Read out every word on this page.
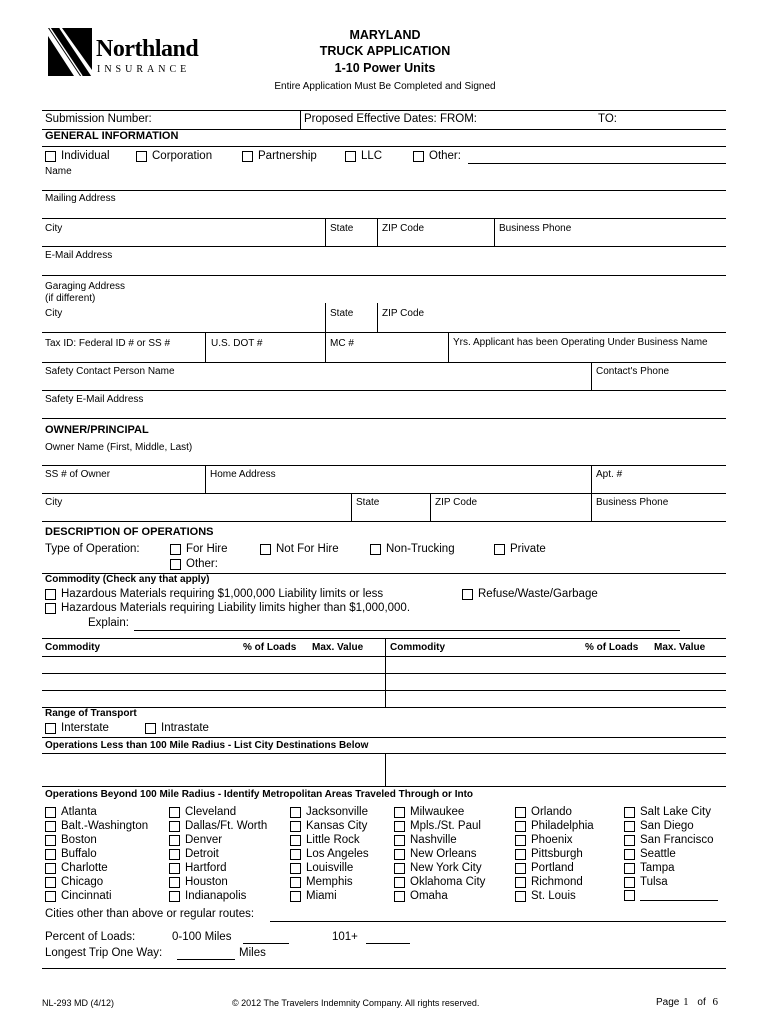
Northland
INSURANCE
MARYLAND
TRUCK APPLICATION
1-10 Power Units
Entire Application Must Be Completed and Signed
Submission Number:	Proposed Effective Dates: FROM:	TO:
GENERAL INFORMATION
Individual	Corporation	Partnership	LLC	Other:
Name
Mailing Address
City	State	ZIP Code	Business Phone
E-Mail Address
Garaging Address
(if different)
City	State	ZIP Code
Tax ID: Federal ID # or SS #	U.S. DOT #	MC #	Yrs. Applicant has been Operating Under Business Name
Safety Contact Person Name	Contact's Phone
Safety E-Mail Address
OWNER/PRINCIPAL
Owner Name (First, Middle, Last)
SS # of Owner	Home Address	Apt. #
City	State	ZIP Code	Business Phone
DESCRIPTION OF OPERATIONS
Type of Operation:	For Hire	Not For Hire	Non-Trucking	Private
Other:
Commodity (Check any that apply)
Hazardous Materials requiring $1,000,000 Liability limits or less	Refuse/Waste/Garbage
Hazardous Materials requiring Liability limits higher than $1,000,000.
Explain:
Commodity	% of Loads Max. Value	Commodity	% of Loads Max. Value
Range of Transport
Interstate	Intrastate
Operations Less than 100 Mile Radius - List City Destinations Below
Operations Beyond 100 Mile Radius - Identify Metropolitan Areas Traveled Through or Into
Atlanta
Balt.-Washington
Boston
Buffalo
Charlotte
Chicago
Cincinnati
Cleveland
Dallas/Ft. Worth
Denver
Detroit
Hartford
Houston
Indianapolis
Jacksonville
Kansas City
Little Rock
Los Angeles
Louisville
Memphis
Miami
Milwaukee
Mpls./St. Paul
Nashville
New Orleans
New York City
Oklahoma City
Omaha
Orlando
Philadelphia
Phoenix
Pittsburgh
Portland
Richmond
St. Louis
Salt Lake City
San Diego
San Francisco
Seattle
Tampa
Tulsa
Cities other than above or regular routes:
Percent of Loads:	0-100 Miles	101+
Longest Trip One Way:	Miles
NL-293 MD (4/12)	© 2012 The Travelers Indemnity Company. All rights reserved.	Page 1 of 6
